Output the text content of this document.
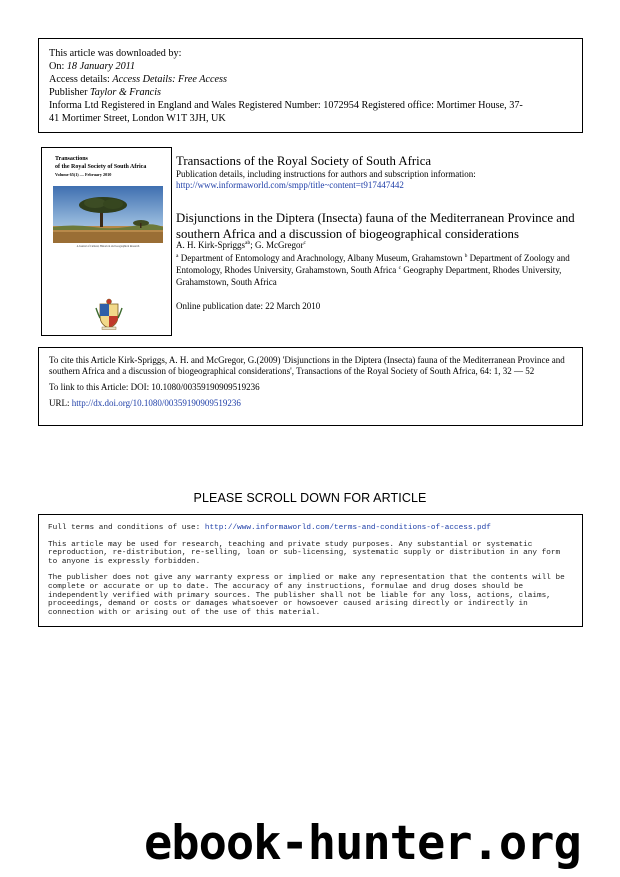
This article was downloaded by:
On: 18 January 2011
Access details: Access Details: Free Access
Publisher Taylor & Francis
Informa Ltd Registered in England and Wales Registered Number: 1072954 Registered office: Mortimer House, 37-
41 Mortimer Street, London W1T 3JH, UK
Transactions
of the Royal Society of South Africa
Volume 65(1) — February 2010
A Journal of Cultural, Historical and Geographical Research
Transactions of the Royal Society of South Africa
Publication details, including instructions for authors and subscription information:
http://www.informaworld.com/smpp/title~content=t917447442
Disjunctions in the Diptera (Insecta) fauna of the Mediterranean Province and southern Africa and a discussion of biogeographical considerations
A. H. Kirk-Spriggs$^{ab}$; G. McGregor$^c$
$^a$ Department of Entomology and Arachnology, Albany Museum, Grahamstown $^b$ Department of Zoology and Entomology, Rhodes University, Grahamstown, South Africa $^c$ Geography Department, Rhodes University, Grahamstown, South Africa
Online publication date: 22 March 2010
To cite this Article Kirk-Spriggs, A. H. and McGregor, G.(2009) 'Disjunctions in the Diptera (Insecta) fauna of the Mediterranean Province and southern Africa and a discussion of biogeographical considerations', Transactions of the Royal Society of South Africa, 64: 1, 32 — 52
To link to this Article: DOI: 10.1080/00359190909519236
URL: http://dx.doi.org/10.1080/00359190909519236
PLEASE SCROLL DOWN FOR ARTICLE

Full terms and conditions of use: http://www.informaworld.com/terms-and-conditions-of-access.pdf

This article may be used for research, teaching and private study purposes. Any substantial or systematic reproduction, re-distribution, re-selling, loan or sub-licensing, systematic supply or distribution in any form to anyone is expressly forbidden.

The publisher does not give any warranty express or implied or make any representation that the contents will be complete or accurate or up to date. The accuracy of any instructions, formulae and drug doses should be independently verified with primary sources. The publisher shall not be liable for any loss, actions, claims, proceedings, demand or costs or damages whatsoever or howsoever caused arising directly or indirectly in connection with or arising out of the use of this material.

ebook-hunter.org
